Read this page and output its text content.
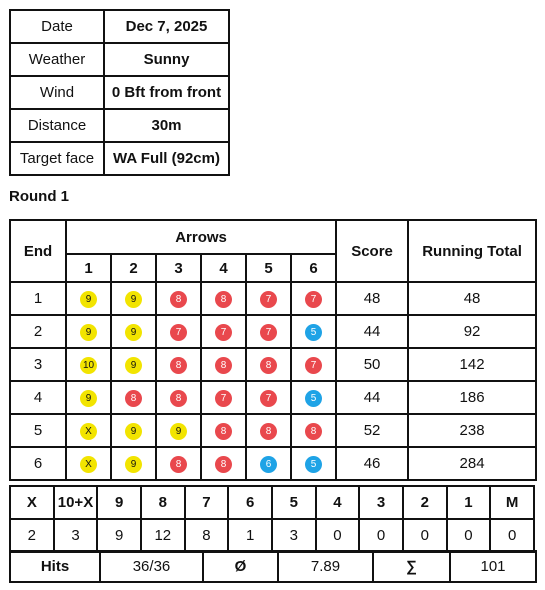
Date	Dec 7, 2025
Weather	Sunny
Wind	0 Bft from front
Distance	30m
Target face	WA Full (92cm)
Round 1
End	Arrows						Score	Running Total
	1	2	3	4	5	6		
1	9	9	8	8	7	7	48	48
2	9	9	7	7	7	5	44	92
3	10	9	8	8	8	7	50	142
4	9	8	8	7	7	5	44	186
5	X	9	9	8	8	8	52	238
6	X	9	8	8	6	5	46	284
X	10+X	9	8	7	6	5	4	3	2	1	M
2	3	9	12	8	1	3	0	0	0	0	0
Hits	36/36	Ø	7.89	∑	101
